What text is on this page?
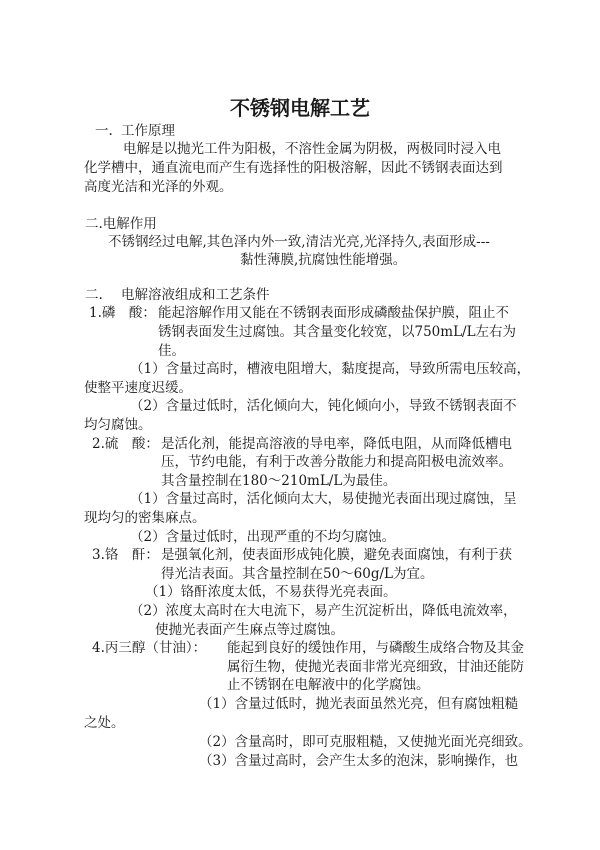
不锈钢电解工艺
一. 工作原理
电解是以抛光工件为阳极，不溶性金属为阴极，两极同时浸入电
化学槽中，通直流电而产生有选择性的阳极溶解，因此不锈钢表面达到
高度光洁和光泽的外观。
二.电解作用
不锈钢经过电解,其色泽内外一致,清洁光亮,光泽持久,表面形成---
黏性薄膜,抗腐蚀性能增强。
二. 电解溶液组成和工艺条件
1.磷　酸： 能起溶解作用又能在不锈钢表面形成磷酸盐保护膜，阻止不
锈钢表面发生过腐蚀。其含量变化较宽，以750mL/L左右为
佳。
（1）含量过高时，槽液电阻增大，黏度提高，导致所需电压较高，
使整平速度迟缓。
（2）含量过低时，活化倾向大，钝化倾向小，导致不锈钢表面不
均匀腐蚀。
2.硫　酸： 是活化剂，能提高溶液的导电率，降低电阻，从而降低槽电
压，节约电能，有利于改善分散能力和提高阳极电流效率。
其含量控制在180～210mL/L为最佳。
（1）含量过高时，活化倾向太大，易使抛光表面出现过腐蚀，呈
现均匀的密集麻点。
（2）含量过低时，出现严重的不均匀腐蚀。
3.铬　酐： 是强氧化剂，使表面形成钝化膜，避免表面腐蚀，有利于获
得光洁表面。其含量控制在50～60g/L为宜。
（1）铬酐浓度太低，不易获得光亮表面。
（2）浓度太高时在大电流下，易产生沉淀析出，降低电流效率，
使抛光表面产生麻点等过腐蚀。
4.丙三醇（甘油）： 能起到良好的缓蚀作用，与磷酸生成络合物及其金
属衍生物，使抛光表面非常光亮细致，甘油还能防
止不锈钢在电解液中的化学腐蚀。
（1）含量过低时，抛光表面虽然光亮，但有腐蚀粗糙
之处。
（2）含量高时，即可克服粗糙，又使抛光面光亮细致。
（3）含量过高时，会产生太多的泡沫，影响操作，也
